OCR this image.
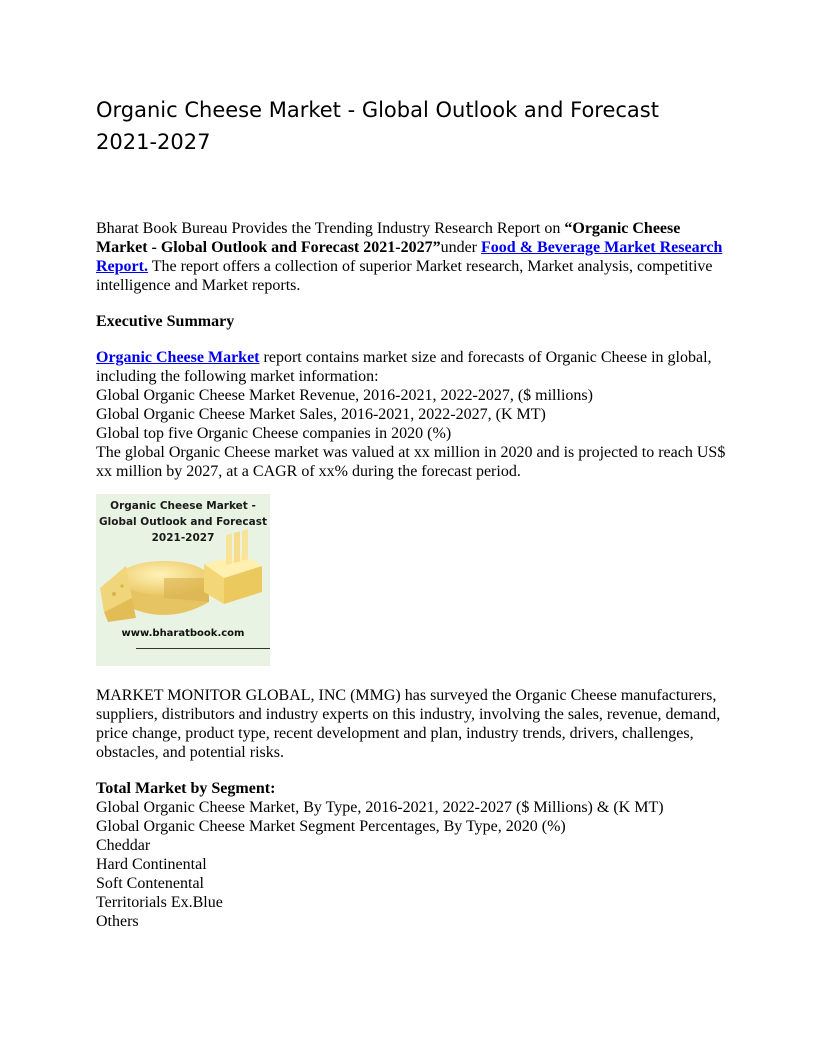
Organic Cheese Market - Global Outlook and Forecast 2021-2027

Bharat Book Bureau Provides the Trending Industry Research Report on “Organic Cheese Market - Global Outlook and Forecast 2021-2027”under Food & Beverage Market Research Report. The report offers a collection of superior Market research, Market analysis, competitive intelligence and Market reports.

Executive Summary

Organic Cheese Market report contains market size and forecasts of Organic Cheese in global, including the following market information:

Global Organic Cheese Market Revenue, 2016-2021, 2022-2027, ($ millions)

Global Organic Cheese Market Sales, 2016-2021, 2022-2027, (K MT)

Global top five Organic Cheese companies in 2020 (%)

The global Organic Cheese market was valued at xx million in 2020 and is projected to reach US$ xx million by 2027, at a CAGR of xx% during the forecast period.

Organic Cheese Market -
Global Outlook and Forecast
2021-2027
www.bharatbook.com

MARKET MONITOR GLOBAL, INC (MMG) has surveyed the Organic Cheese manufacturers, suppliers, distributors and industry experts on this industry, involving the sales, revenue, demand, price change, product type, recent development and plan, industry trends, drivers, challenges, obstacles, and potential risks.

Total Market by Segment:

Global Organic Cheese Market, By Type, 2016-2021, 2022-2027 ($ Millions) & (K MT)

Global Organic Cheese Market Segment Percentages, By Type, 2020 (%)

Cheddar

Hard Continental

Soft Contenental

Territorials Ex.Blue

Others
